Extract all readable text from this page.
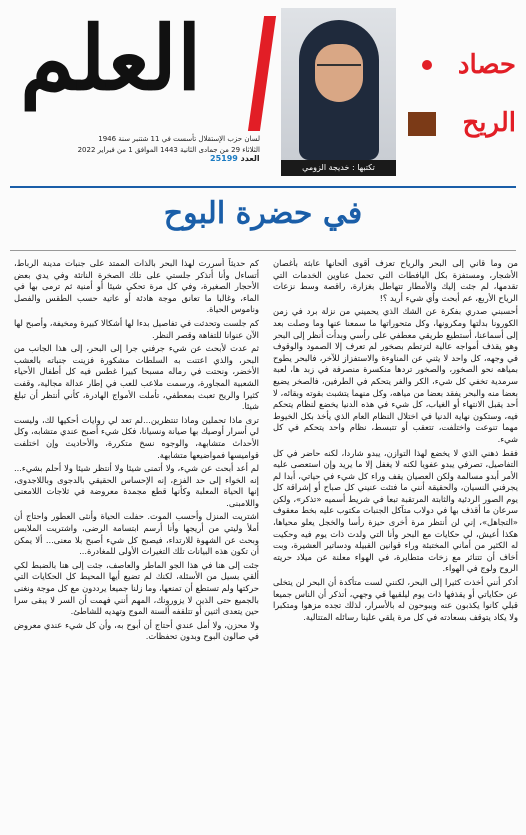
العلم
لسان حزب الإستقلال تأسست في 11 شتنبر سنة 1946
الثلاثاء 29 من جمادى الثانية 1443 الموافق 1 من فبراير 2022
العدد 25199
تكتبها : خديجة الزومي
حصاد
الريح
في حضرة البوح

من وما قاني إلى البحر والرياح تعزف أقوى ألحانها عابثة بأغصان الأشجار، ومستفزة بكل اليافطات التي تحمل عناوين الخدمات التي تقدمها، لم جئت إليك والأمطار تتهاطل بغزارة، راقصة وسط نزعات الرياح الأربع، عم أبحث وأي شيء أريد ؟!

أحسبني صدري بفكرة عن الشك الذي يحميني من نزلة برد في زمن الكورونا بدلتها ومكرونها، وكل متحوراتها ما سمعنا عنها وما وصلت بعد إلى أسماعنا، أستطيع طريقي معطفي على رأسي وبدأت أنظر إلى البحر وهو يقذف أمواجه عالية لترتطم بصخور لم تعرف إلا الصمود والوقوف في وجهه، كل واحد لا يثني عن المناوءة والاستفزاز للآخر، فالبحر يطوح بمياهه نحو الصخور، والصخور تردها منكسرة منصرفة في زبد ها، لعبة سرمدية تخفي كل شيء، الكر والفر يتحكم في الطرفين، فالصخر يضيع بعضا منه والبحر يفقد بعضا من مياهه، وكل منهما يتشبث بقوته وبقائه، لا أحد يقبل الانتهاء أو الغياب، كل شيء في هذه الدنيا يخضع لنظام يتحكم فيه، وستكون نهاية الدنيا في اختلال النظام العام الذي يأخذ بكل الخيوط مهما تنوعت واختلفت، تتعقب أو تتبسط، نظام واحد يتحكم في كل شيء.

فقط ذهني الذي لا يخضع لهذا التوازن، يبدو شاردا، لكنه حاضر في كل التفاصيل، تصرفي يبدو عفويا لكنه لا يغفل إلا ما يريد وإن استعصى عليه الأمر أبدو مسالمة ولكن العصيان يقف وراء كل شيء في حياتي، أبدا لم يجرفني النسيان، والحقيقة أنني ما فتئت عنيني كل صباح أو إشراقة كل يوم الصور الردئية والثابتة المرتقبة تبعا في شريط أسميه «تذكر»، ولكن سرعان ما أقذف بها في دولاب متآكل الجنبات مكتوب عليه بخط معقوف «التجاهل»، إني لن أنتظر مرة أخرى حيزة رأسا والخجل يعلو محياها، هكذا أعيش، لي حكايات مع البحر وأنا التي ولدت ذات يوم فيه وحكيت له الكثير من أماني المختبئة وراء قوانين القبيلة ودساتير العشيرة، وبت أخاف أن تتناثر مع زخات متطايرة، في الهواء معلنة عن ميلاد حريته الروح ولوج في الهواء.

أذكر أنني أخذت كثيرا إلى البحر، لكنني لست متأكدة أن البحر لن يتخلى عن حكاياتي أو يقذفها ذات يوم ليلقيها في وجهي، أتذكر أن الناس جميعا قبلي كانوا يكذبون عنه ويبوحون له بالأسرار، لذلك تجده مزهوا ومتكبرا ولا يكاد يتوقف بسعادته في كل مرة يلقي علينا رسائله المتتالية.

كم حديثاً أسررت لهذا البحر بالذات الممتد على جنبات مدينة الرباط، أتساءل وأنا أتذكر جلستي على تلك الصخرة الناتئة وفي يدي بعض الأحجار الصغيرة، وفي كل مرة تحكي شيئا أو أمنية ثم ترمى بها في الماء، وغالبا ما تعانق موجة هادئة أو عاتية حسب الطقس والفصل وناموس الحياة.

كم جلست وتحدثت في تفاصيل بدءا لها أشكالا كبيرة ومخيفة، وأصبح لها الآن عنوانا للتفاهة وقصر النظر.

ثم عدت لأبحث عن شيء جرفني جرا إلى البحر، إلى هذا الجانب من البحر، والذي اعتنت به السلطات مشكورة فزينت جنباته بالعشب الأخضر، ونحتت في رماله مسبحا كبيرا غطس فيه كل أطفال الأحياء الشعبية المجاورة، ورسمت ملاعب للعب في إطار عدالة مجالية، وقفت كثيرا والريح تعبث بمعطفي، تأملت الأمواج الهادرة، كأني أنتظر أن تبلغ شيئا.

ترى ماذا تحملين وماذا تنتظرين...لم تعد لي روايات أحكيها لك، وليست لي أسرار أوصيك بها صيانة ونسيانا، فكل شيء أصبح عندي متشابه، وكل الأحداث متشابهة، والوجوه نسخ متكررة، والأحاديث وإن اختلفت قواميسها فمواضيعها متشابهة.

لم أعد أبحث عن شيء، ولا أتمنى شيئا ولا أنتظر شيئا ولا أحلم بشيء... إنه الخواء إلى حد الفزع، إنه الإحساس الحقيقي بالدجوى وباللاجدوى، إنها الحياة المعلبة وكأنها قطع مجمدة معروضة في ثلاجات اللامعنى واللامبنى.

اشتريت المنزل وأحسب الموت. حفلت الحياة وأنثى العطور واحتاج أن أملأ وليتي من أريجها وأنا أرسم ابتسامة الرضى، واشتريت الملابس وبحث عن الشهوة للارتداء، فيصبح كل شيء أصبح بلا معنى... ألا يمكن أن تكون هذه البيانات تلك التغيرات الأولى للمغادرة...

جئت إلى هنا في هذا الجو الماطر والعاصف، جئت إلى هنا بالضبط لكي ألقي بسيل من الأسئلة، لكنك لم تضيع أيها المحيط كل الحكايات التي حركتها ولم تستطع أن تمنعها، وما زلنا جميعا يرددون مع كل موجة ونغنى بالجميع حتى الذين لا يزورونك، المهم أنني فهمت أن السر لا يبقى سرا حين يتعدى اثنين أو تتلقفه ألسنة الموج وتهديه للشاطئ.

ولا محزن، ولا أمل عندي أحتاج أن أبوح به، وأن كل شيء عندي معروض في صالون البوح وبدون تحفظات.
